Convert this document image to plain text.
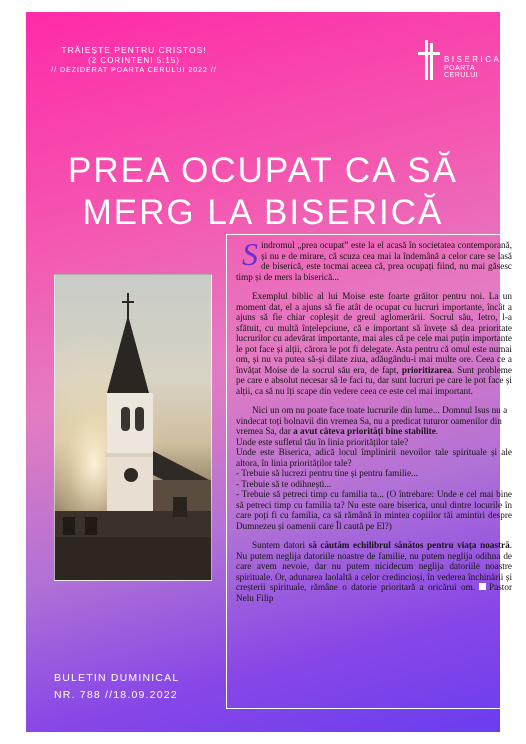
TRĂIEȘTE PENTRU CRISTOS!
(2 CORINTENI 5:15)
// DEZIDERAT POARTA CERULUI 2022 //
BISERICA
POARTA CERULUI
PREA OCUPAT CA SĂ
MERG LA BISERICĂ
BULETIN DUMINICAL
NR. 788 //18.09.2022

Sindromul „prea ocupat” este la el acasă în societatea contemporană, și nu e de mirare, că scuza cea mai la îndemână a celor care se lasă de biserică, este tocmai aceea că, prea ocupați fiind, nu mai găsesc timp și de mers la biserică...

Exemplul biblic al lui Moise este foarte grăitor pentru noi. La un moment dat, el a ajuns să fie atât de ocupat cu lucruri importante, încât a ajuns să fie chiar copleșit de greul aglomerării. Socrul său, Ietro, l-a sfătuit, cu multă înțelepciune, că e important să învețe să dea prioritate lucrurilor cu adevărat importante, mai ales că pe cele mai puțin importante le pot face și alții, cărora le pot fi delegate. Asta pentru că omul este numai om, și nu va putea să-și dilate ziua, adăugându-i mai multe ore. Ceea ce a învățat Moise de la socrul său era, de fapt, prioritizarea. Sunt probleme pe care e absolut necesar să le faci tu, dar sunt lucruri pe care le pot face și alții, ca să nu îți scape din vedere ceea ce este cel mai important.

Nici un om nu poate face toate lucrurile din lume... Domnul Isus nu a vindecat toți bolnavii din vremea Sa, nu a predicat tuturor oamenilor din vremea Sa, dar a avut câteva priorități bine stabilite.

Unde este sufletul tău în linia priorităților tale?
Unde este Biserica, adică locul împlinirii nevoilor tale spirituale și ale altora, în linia priorităților tale?
- Trebuie să lucrezi pentru tine și pentru familie...
- Trebuie să te odihnești...
- Trebuie să petreci timp cu familia ta... (O întrebare: Unde e cel mai bine să petreci timp cu familia ta? Nu este oare biserica, unul dintre locurile în care poți fi cu familia, ca să rămână în mintea copiilor tăi amintiri despre Dumnezeu și oamenii care Îl caută pe El?)

Suntem datori să căutăm echilibrul sănătos pentru viața noastră. Nu putem neglija datoriile noastre de familie, nu putem neglija odihna de care avem nevoie, dar nu putem nicidecum neglija datoriile noastre spirituale. Or, adunarea laolaltă a celor credincioși, în vederea închinării și creșterii spirituale, rămâne o datorie prioritară a oricărui om. Pastor Nelu Filip
